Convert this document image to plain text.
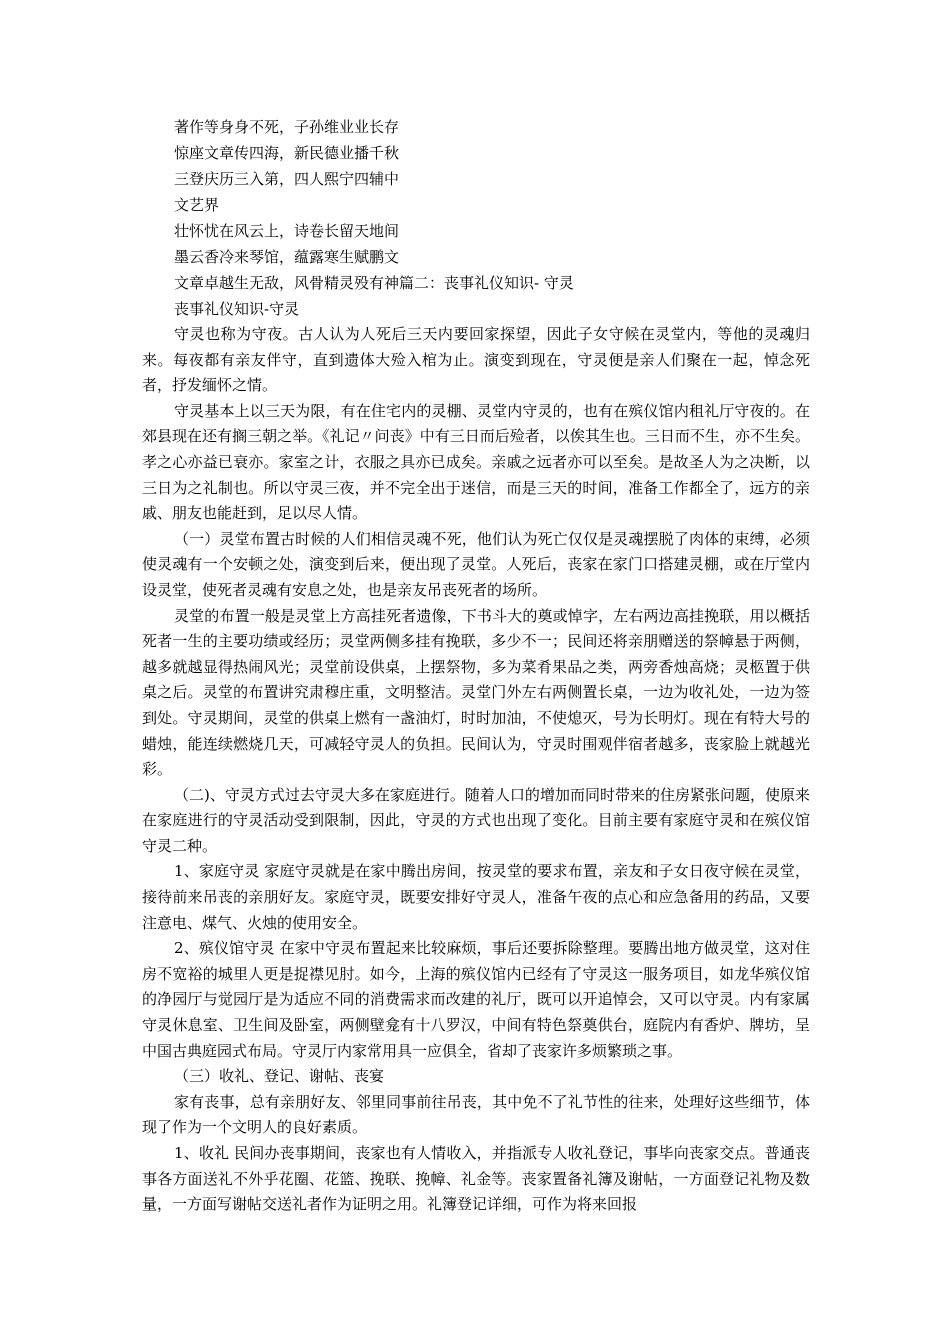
著作等身身不死，子孙维业业长存

惊座文章传四海，新民德业播千秋

三登庆历三入第，四人熙宁四辅中

文艺界

壮怀忧在风云上，诗卷长留天地间

墨云香冷来琴馆，蕴露寒生赋鹏文

文章卓越生无敌，风骨精灵殁有神篇二：丧事礼仪知识- 守灵

丧事礼仪知识-守灵

守灵也称为守夜。古人认为人死后三天内要回家探望，因此子女守候在灵堂内，等他的灵魂归来。每夜都有亲友伴守，直到遗体大殓入棺为止。演变到现在，守灵便是亲人们聚在一起，悼念死者，抒发缅怀之情。

守灵基本上以三天为限，有在住宅内的灵棚、灵堂内守灵的，也有在殡仪馆内租礼厅守夜的。在郊县现在还有搁三朝之举。《礼记〃问丧》中有三日而后殓者，以俟其生也。三日而不生，亦不生矣。孝之心亦益已衰亦。家室之计，衣服之具亦已成矣。亲戚之远者亦可以至矣。是故圣人为之决断，以三日为之礼制也。所以守灵三夜，并不完全出于迷信，而是三天的时间，准备工作都全了，远方的亲戚、朋友也能赶到，足以尽人情。

（一）灵堂布置古时候的人们相信灵魂不死，他们认为死亡仅仅是灵魂摆脱了肉体的束缚，必须使灵魂有一个安顿之处，演变到后来，便出现了灵堂。人死后，丧家在家门口搭建灵棚，或在厅堂内设灵堂，使死者灵魂有安息之处，也是亲友吊丧死者的场所。

灵堂的布置一般是灵堂上方高挂死者遗像，下书斗大的奠或悼字，左右两边高挂挽联，用以概括死者一生的主要功绩或经历；灵堂两侧多挂有挽联，多少不一；民间还将亲朋赠送的祭幛悬于两侧，越多就越显得热闹风光；灵堂前设供桌，上摆祭物，多为菜肴果品之类，两旁香烛高烧；灵柩置于供桌之后。灵堂的布置讲究肃穆庄重，文明整洁。灵堂门外左右两侧置长桌，一边为收礼处，一边为签到处。守灵期间，灵堂的供桌上燃有一盏油灯，时时加油，不使熄灭，号为长明灯。现在有特大号的蜡烛，能连续燃烧几天，可减轻守灵人的负担。民间认为，守灵时围观伴宿者越多，丧家脸上就越光彩。

（二)、守灵方式过去守灵大多在家庭进行。随着人口的增加而同时带来的住房紧张问题，使原来在家庭进行的守灵活动受到限制，因此，守灵的方式也出现了变化。目前主要有家庭守灵和在殡仪馆守灵二种。

1、家庭守灵 家庭守灵就是在家中腾出房间，按灵堂的要求布置，亲友和子女日夜守候在灵堂，接待前来吊丧的亲朋好友。家庭守灵，既要安排好守灵人，准备午夜的点心和应急备用的药品，又要注意电、煤气、火烛的使用安全。

2、殡仪馆守灵 在家中守灵布置起来比较麻烦，事后还要拆除整理。要腾出地方做灵堂，这对住房不宽裕的城里人更是捉襟见肘。如今，上海的殡仪馆内已经有了守灵这一服务项目，如龙华殡仪馆的净园厅与觉园厅是为适应不同的消费需求而改建的礼厅，既可以开追悼会，又可以守灵。内有家属守灵休息室、卫生间及卧室，两侧壁龛有十八罗汉，中间有特色祭奠供台，庭院内有香炉、牌坊，呈中国古典庭园式布局。守灵厅内家常用具一应俱全，省却了丧家许多烦繁琐之事。

（三）收礼、登记、谢帖、丧宴

家有丧事，总有亲朋好友、邻里同事前往吊丧，其中免不了礼节性的往来，处理好这些细节，体现了作为一个文明人的良好素质。

1、收礼 民间办丧事期间，丧家也有人情收入，并指派专人收礼登记，事毕向丧家交点。普通丧事各方面送礼不外乎花圈、花篮、挽联、挽幛、礼金等。丧家置备礼簿及谢帖，一方面登记礼物及数量，一方面写谢帖交送礼者作为证明之用。礼簿登记详细，可作为将来回报
